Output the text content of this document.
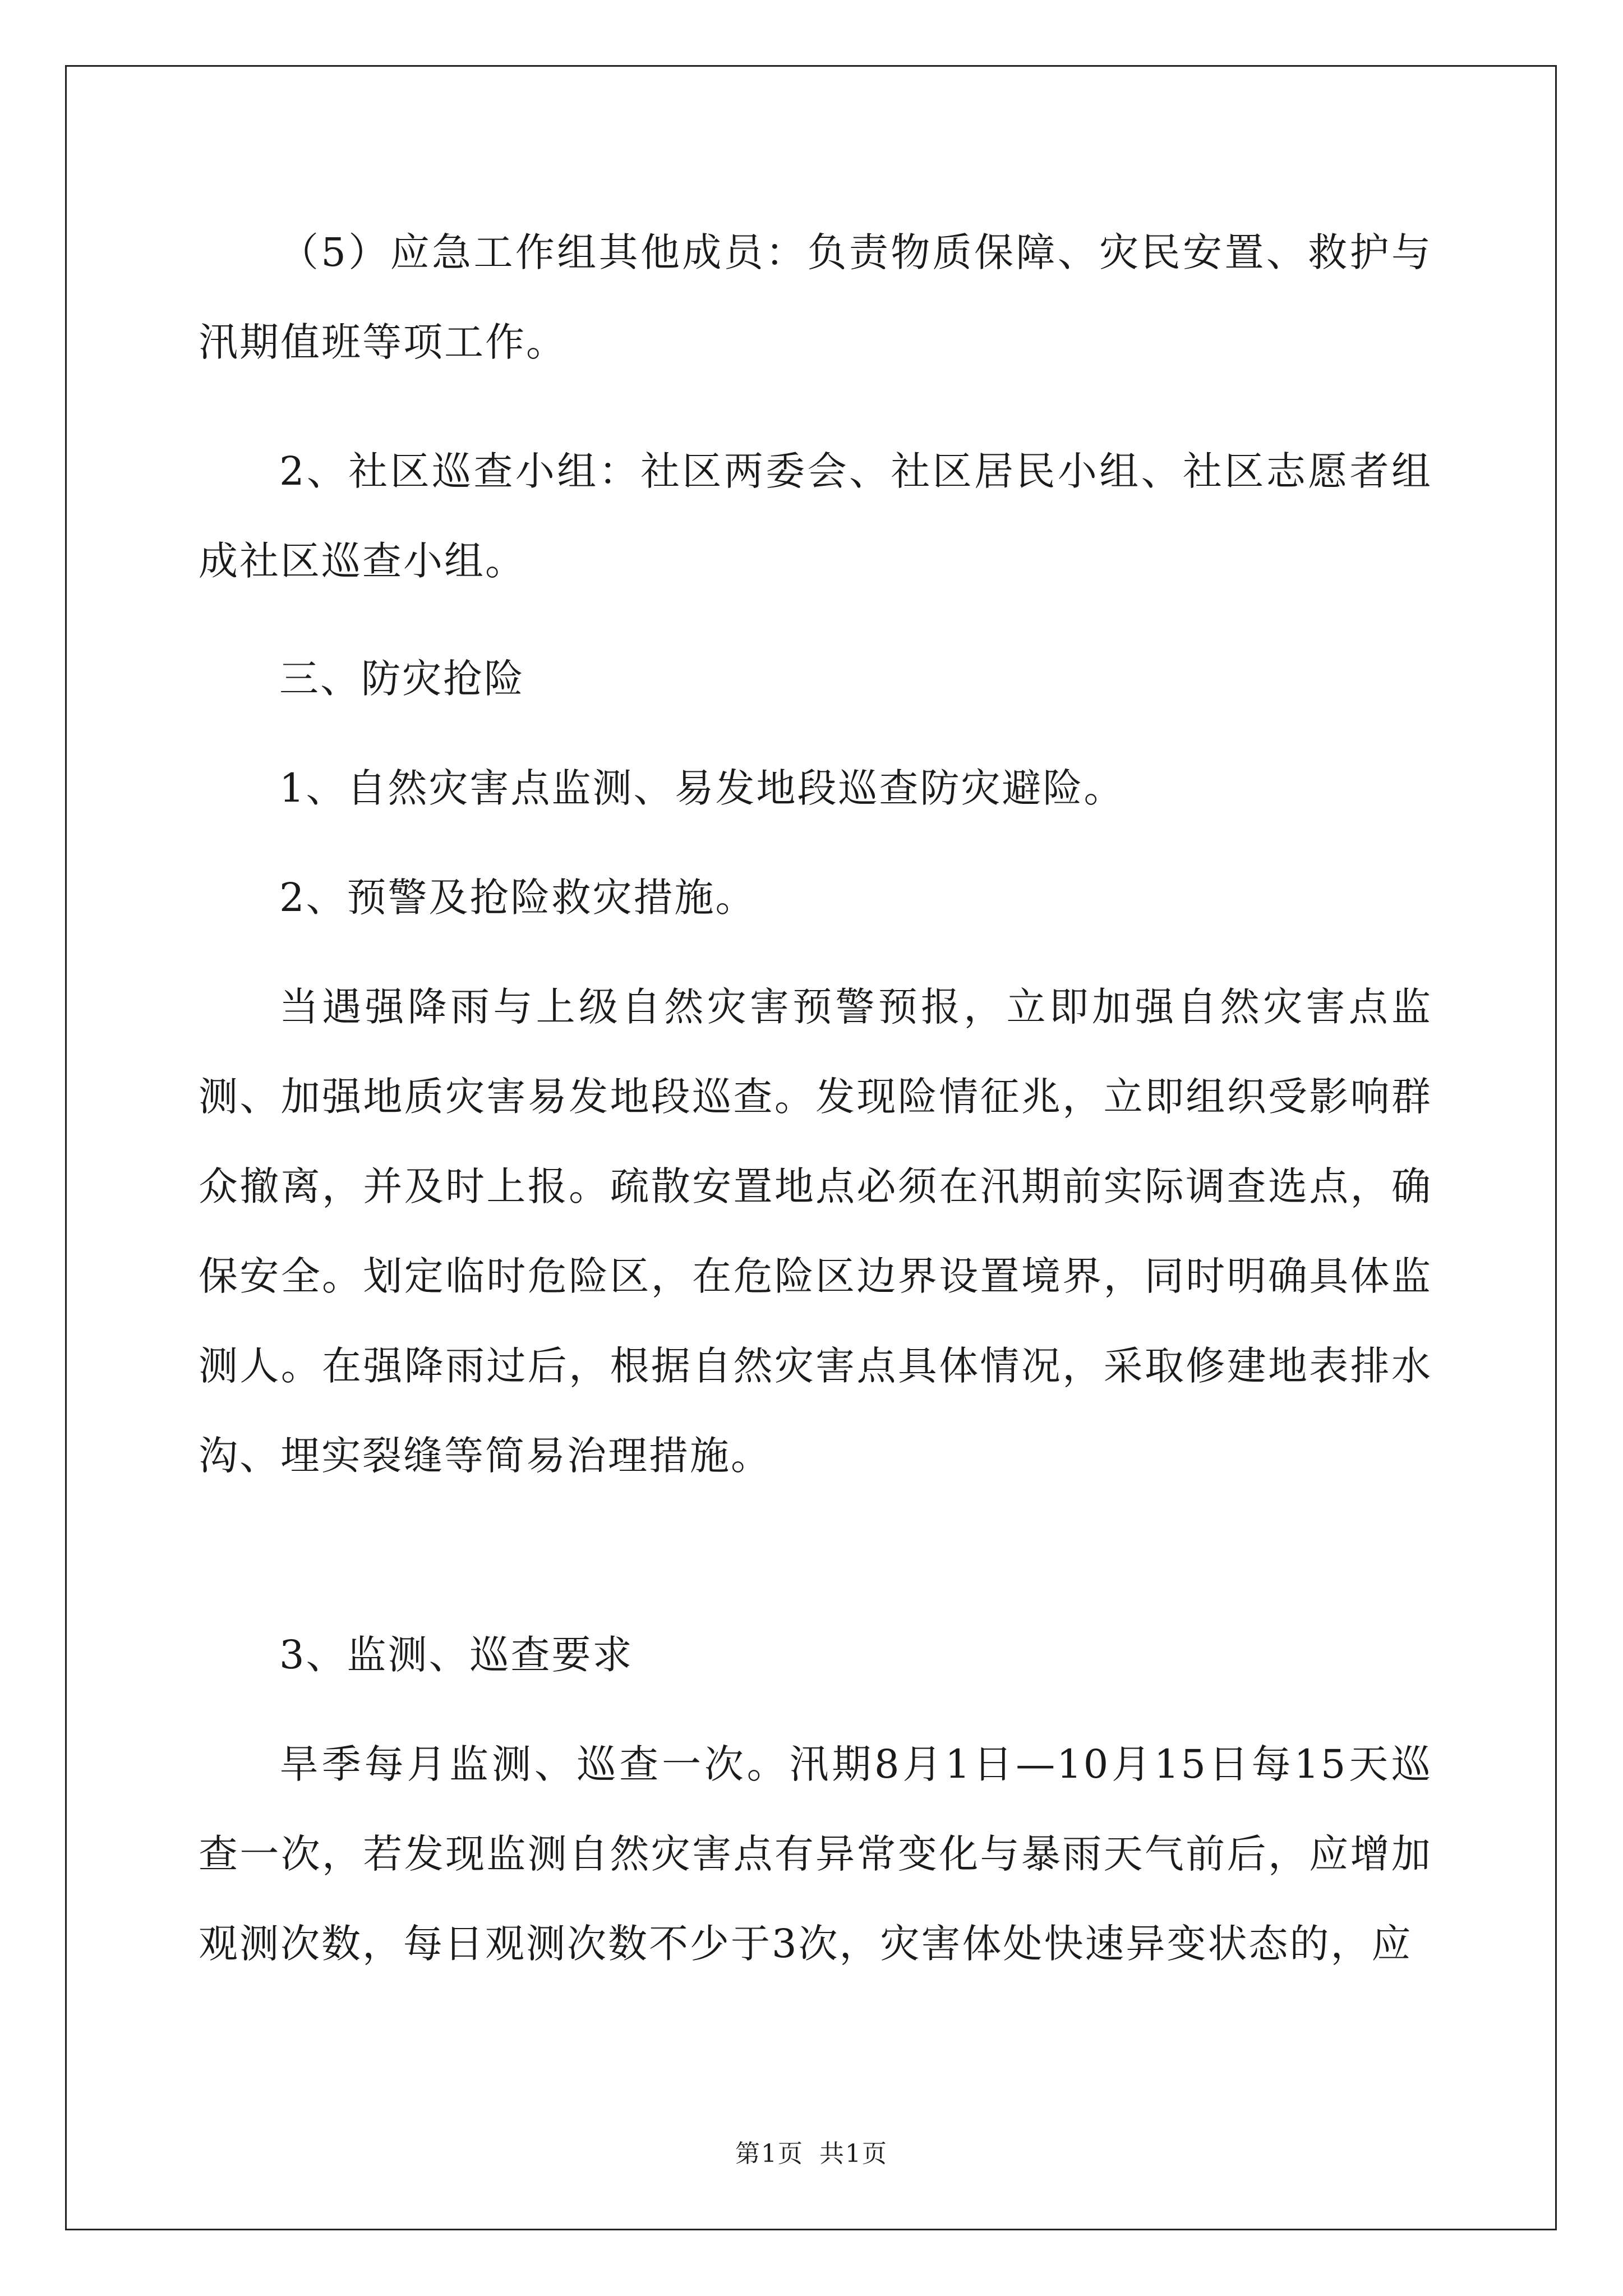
（5）应急工作组其他成员：负责物质保障、灾民安置、救护与汛期值班等项工作。

2、社区巡查小组：社区两委会、社区居民小组、社区志愿者组成社区巡查小组。

三、防灾抢险

1、自然灾害点监测、易发地段巡查防灾避险。

2、预警及抢险救灾措施。

当遇强降雨与上级自然灾害预警预报，立即加强自然灾害点监测、加强地质灾害易发地段巡查。发现险情征兆，立即组织受影响群众撤离，并及时上报。疏散安置地点必须在汛期前实际调查选点，确保安全。划定临时危险区，在危险区边界设置境界，同时明确具体监测人。在强降雨过后，根据自然灾害点具体情况，采取修建地表排水沟、埋实裂缝等简易治理措施。

3、监测、巡查要求

旱季每月监测、巡查一次。汛期8月1日—10月15日每15天巡查一次，若发现监测自然灾害点有异常变化与暴雨天气前后，应增加观测次数，每日观测次数不少于3次，灾害体处快速异变状态的，应

第1页 共1页
